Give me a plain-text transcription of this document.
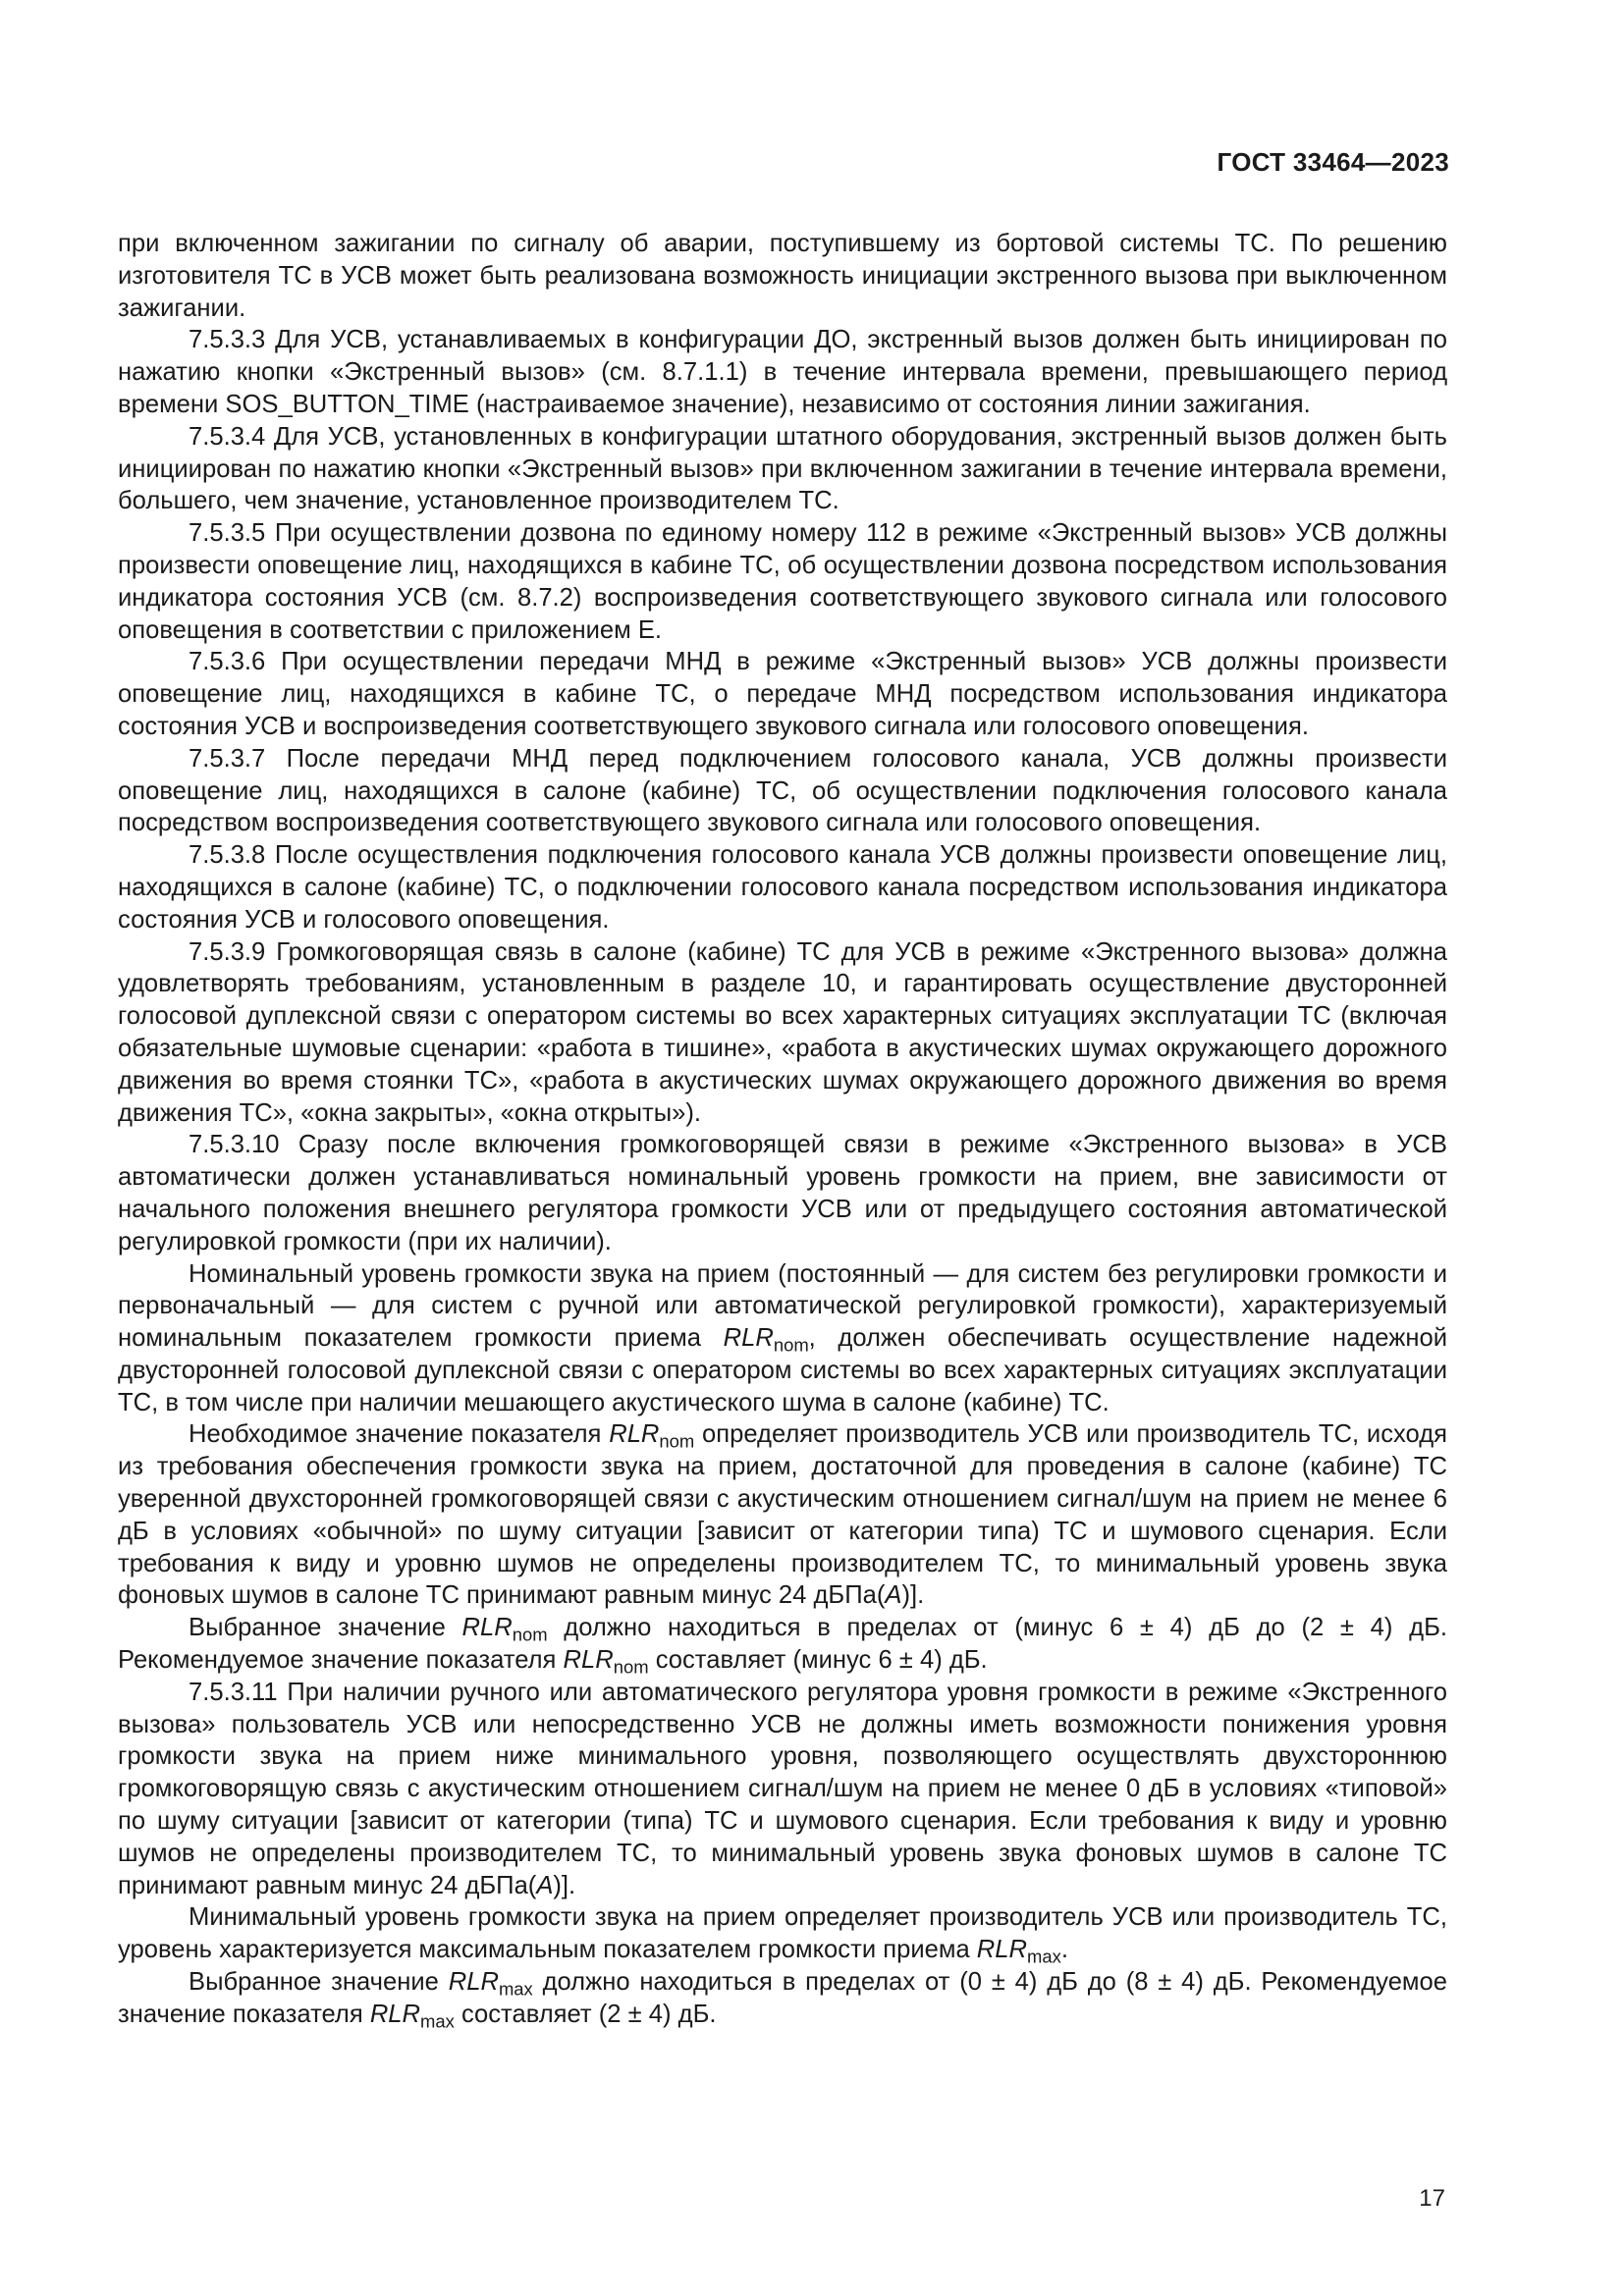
ГОСТ 33464—2023

при включенном зажигании по сигналу об аварии, поступившему из бортовой системы ТС. По решению изготовителя ТС в УСВ может быть реализована возможность инициации экстренного вызова при выключенном зажигании.

7.5.3.3 Для УСВ, устанавливаемых в конфигурации ДО, экстренный вызов должен быть инициирован по нажатию кнопки «Экстренный вызов» (см. 8.7.1.1) в течение интервала времени, превышающего период времени SOS_BUTTON_TIME (настраиваемое значение), независимо от состояния линии зажигания.

7.5.3.4 Для УСВ, установленных в конфигурации штатного оборудования, экстренный вызов должен быть инициирован по нажатию кнопки «Экстренный вызов» при включенном зажигании в течение интервала времени, большего, чем значение, установленное производителем ТС.

7.5.3.5 При осуществлении дозвона по единому номеру 112 в режиме «Экстренный вызов» УСВ должны произвести оповещение лиц, находящихся в кабине ТС, об осуществлении дозвона посредством использования индикатора состояния УСВ (см. 8.7.2) воспроизведения соответствующего звукового сигнала или голосового оповещения в соответствии с приложением Е.

7.5.3.6 При осуществлении передачи МНД в режиме «Экстренный вызов» УСВ должны произвести оповещение лиц, находящихся в кабине ТС, о передаче МНД посредством использования индикатора состояния УСВ и воспроизведения соответствующего звукового сигнала или голосового оповещения.

7.5.3.7 После передачи МНД перед подключением голосового канала, УСВ должны произвести оповещение лиц, находящихся в салоне (кабине) ТС, об осуществлении подключения голосового канала посредством воспроизведения соответствующего звукового сигнала или голосового оповещения.

7.5.3.8 После осуществления подключения голосового канала УСВ должны произвести оповещение лиц, находящихся в салоне (кабине) ТС, о подключении голосового канала посредством использования индикатора состояния УСВ и голосового оповещения.

7.5.3.9 Громкоговорящая связь в салоне (кабине) ТС для УСВ в режиме «Экстренного вызова» должна удовлетворять требованиям, установленным в разделе 10, и гарантировать осуществление двусторонней голосовой дуплексной связи с оператором системы во всех характерных ситуациях эксплуатации ТС (включая обязательные шумовые сценарии: «работа в тишине», «работа в акустических шумах окружающего дорожного движения во время стоянки ТС», «работа в акустических шумах окружающего дорожного движения во время движения ТС», «окна закрыты», «окна открыты»).

7.5.3.10 Сразу после включения громкоговорящей связи в режиме «Экстренного вызова» в УСВ автоматически должен устанавливаться номинальный уровень громкости на прием, вне зависимости от начального положения внешнего регулятора громкости УСВ или от предыдущего состояния автоматической регулировкой громкости (при их наличии).

Номинальный уровень громкости звука на прием (постоянный — для систем без регулировки громкости и первоначальный — для систем с ручной или автоматической регулировкой громкости), характеризуемый номинальным показателем громкости приема $RLR_{nom}$, должен обеспечивать осуществление надежной двусторонней голосовой дуплексной связи с оператором системы во всех характерных ситуациях эксплуатации ТС, в том числе при наличии мешающего акустического шума в салоне (кабине) ТС.

Необходимое значение показателя $RLR_{nom}$ определяет производитель УСВ или производитель ТС, исходя из требования обеспечения громкости звука на прием, достаточной для проведения в салоне (кабине) ТС уверенной двухсторонней громкоговорящей связи с акустическим отношением сигнал/шум на прием не менее 6 дБ в условиях «обычной» по шуму ситуации [зависит от категории типа) ТС и шумового сценария. Если требования к виду и уровню шумов не определены производителем ТС, то минимальный уровень звука фоновых шумов в салоне ТС принимают равным минус 24 дБПа(A)].

Выбранное значение $RLR_{nom}$ должно находиться в пределах от (минус 6 ± 4) дБ до (2 ± 4) дБ. Рекомендуемое значение показателя $RLR_{nom}$ составляет (минус 6 ± 4) дБ.

7.5.3.11 При наличии ручного или автоматического регулятора уровня громкости в режиме «Экстренного вызова» пользователь УСВ или непосредственно УСВ не должны иметь возможности понижения уровня громкости звука на прием ниже минимального уровня, позволяющего осуществлять двухстороннюю громкоговорящую связь с акустическим отношением сигнал/шум на прием не менее 0 дБ в условиях «типовой» по шуму ситуации [зависит от категории (типа) ТС и шумового сценария. Если требования к виду и уровню шумов не определены производителем ТС, то минимальный уровень звука фоновых шумов в салоне ТС принимают равным минус 24 дБПа(A)].

Минимальный уровень громкости звука на прием определяет производитель УСВ или производитель ТС, уровень характеризуется максимальным показателем громкости приема $RLR_{max}$.

Выбранное значение $RLR_{max}$ должно находиться в пределах от (0 ± 4) дБ до (8 ± 4) дБ. Рекомендуемое значение показателя $RLR_{max}$ составляет (2 ± 4) дБ.

17
